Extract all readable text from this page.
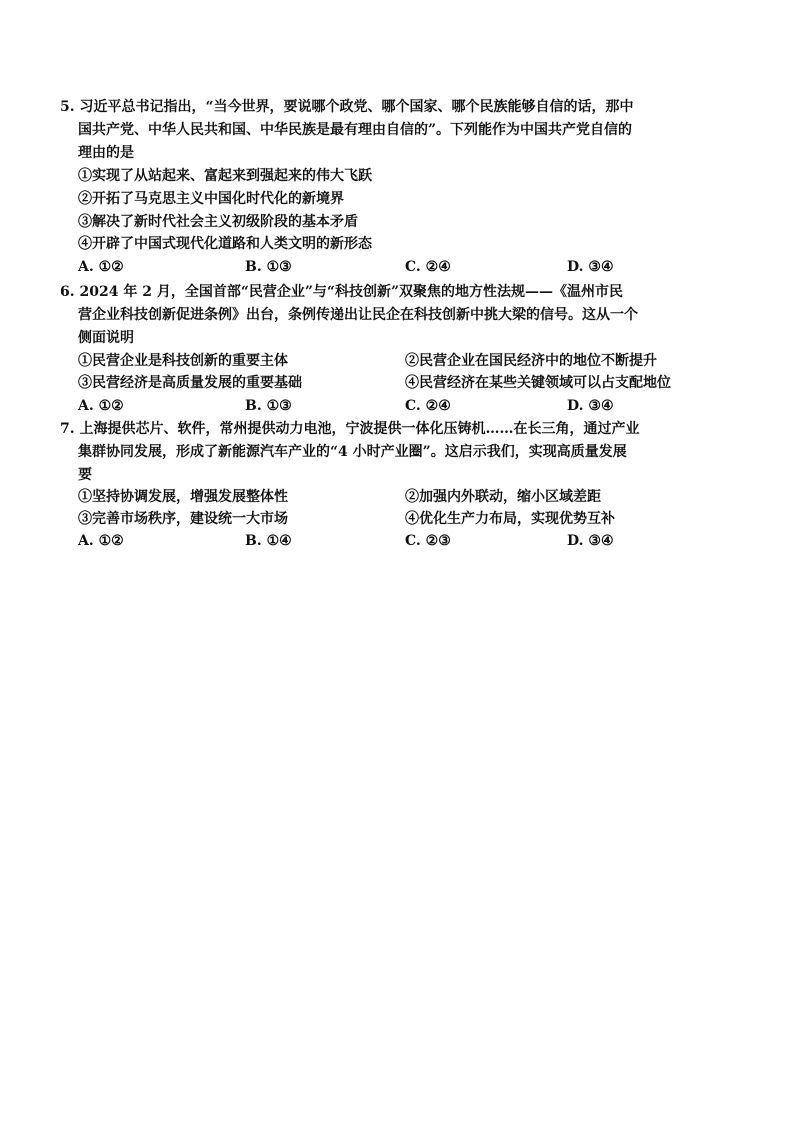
5. 习近平总书记指出，“当今世界，要说哪个政党、哪个国家、哪个民族能够自信的话，那中
国共产党、中华人民共和国、中华民族是最有理由自信的”。下列能作为中国共产党自信的
理由的是
①实现了从站起来、富起来到强起来的伟大飞跃
②开拓了马克思主义中国化时代化的新境界
③解决了新时代社会主义初级阶段的基本矛盾
④开辟了中国式现代化道路和人类文明的新形态
A. ①②	B. ①③	C. ②④	D. ③④
6. 2024 年 2 月，全国首部“民营企业”与“科技创新”双聚焦的地方性法规——《温州市民
营企业科技创新促进条例》出台，条例传递出让民企在科技创新中挑大梁的信号。这从一个
侧面说明
①民营企业是科技创新的重要主体	②民营企业在国民经济中的地位不断提升
③民营经济是高质量发展的重要基础	④民营经济在某些关键领域可以占支配地位
A. ①②	B. ①③	C. ②④	D. ③④
7. 上海提供芯片、软件，常州提供动力电池，宁波提供一体化压铸机……在长三角，通过产业
集群协同发展，形成了新能源汽车产业的“4 小时产业圈”。这启示我们，实现高质量发展
要
①坚持协调发展，增强发展整体性	②加强内外联动，缩小区域差距
③完善市场秩序，建设统一大市场	④优化生产力布局，实现优势互补
A. ①②	B. ①④	C. ②③	D. ③④
